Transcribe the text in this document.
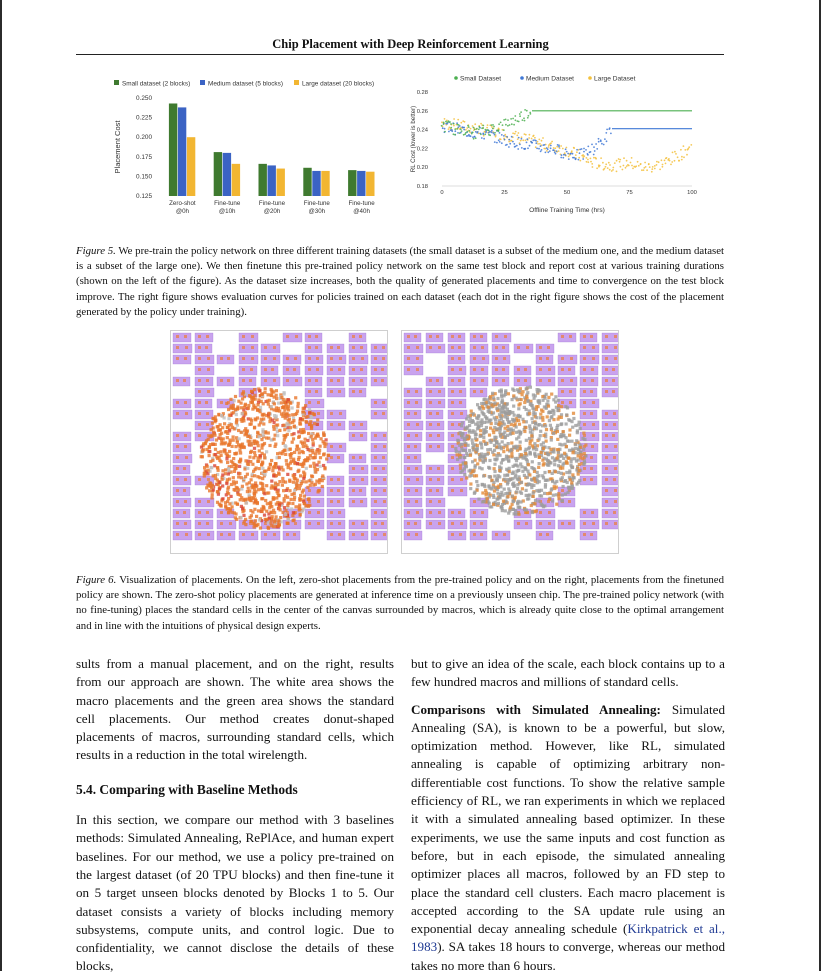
Chip Placement with Deep Reinforcement Learning
Small dataset (2 blocks)	Medium dataset (5 blocks)	Large dataset (20 blocks)
0.250
0.225
0.200
0.175
0.150
0.125
Placement Cost
Zero-shot
@0h
Fine-tune
@10h
Fine-tune
@20h
Fine-tune
@30h
Fine-tune
@40h
Small Dataset	Medium Dataset	Large Dataset
0.28
0.26
0.24
0.22
0.20
0.18
0	25	50	75	100
Offline Training Time (hrs)
RL Cost (lower is better)
Figure 5. We pre-train the policy network on three different training datasets (the small dataset is a subset of the medium one, and the medium dataset is a subset of the large one). We then finetune this pre-trained policy network on the same test block and report cost at various training durations (shown on the left of the figure). As the dataset size increases, both the quality of generated placements and time to convergence on the test block improve. The right figure shows evaluation curves for policies trained on each dataset (each dot in the right figure shows the cost of the placement generated by the policy under training).
Figure 6. Visualization of placements. On the left, zero-shot placements from the pre-trained policy and on the right, placements from the finetuned policy are shown. The zero-shot policy placements are generated at inference time on a previously unseen chip. The pre-trained policy network (with no fine-tuning) places the standard cells in the center of the canvas surrounded by macros, which is already quite close to the optimal arrangement and in line with the intuitions of physical design experts.

sults from a manual placement, and on the right, results from our approach are shown. The white area shows the macro placements and the green area shows the standard cell placements. Our method creates donut-shaped placements of macros, surrounding standard cells, which results in a reduction in the total wirelength.

5.4. Comparing with Baseline Methods

In this section, we compare our method with 3 baselines methods: Simulated Annealing, RePlAce, and human expert baselines. For our method, we use a policy pre-trained on the largest dataset (of 20 TPU blocks) and then fine-tune it on 5 target unseen blocks denoted by Blocks 1 to 5. Our dataset consists a variety of blocks including memory subsystems, compute units, and control logic. Due to confidentiality, we cannot disclose the details of these blocks,

but to give an idea of the scale, each block contains up to a few hundred macros and millions of standard cells.

Comparisons with Simulated Annealing: Simulated Annealing (SA), is known to be a powerful, but slow, optimization method. However, like RL, simulated annealing is capable of optimizing arbitrary non-differentiable cost functions. To show the relative sample efficiency of RL, we ran experiments in which we replaced it with a simulated annealing based optimizer. In these experiments, we use the same inputs and cost function as before, but in each episode, the simulated annealing optimizer places all macros, followed by an FD step to place the standard cell clusters. Each macro placement is accepted according to the SA update rule using an exponential decay annealing schedule (Kirkpatrick et al., 1983). SA takes 18 hours to converge, whereas our method takes no more than 6 hours.
